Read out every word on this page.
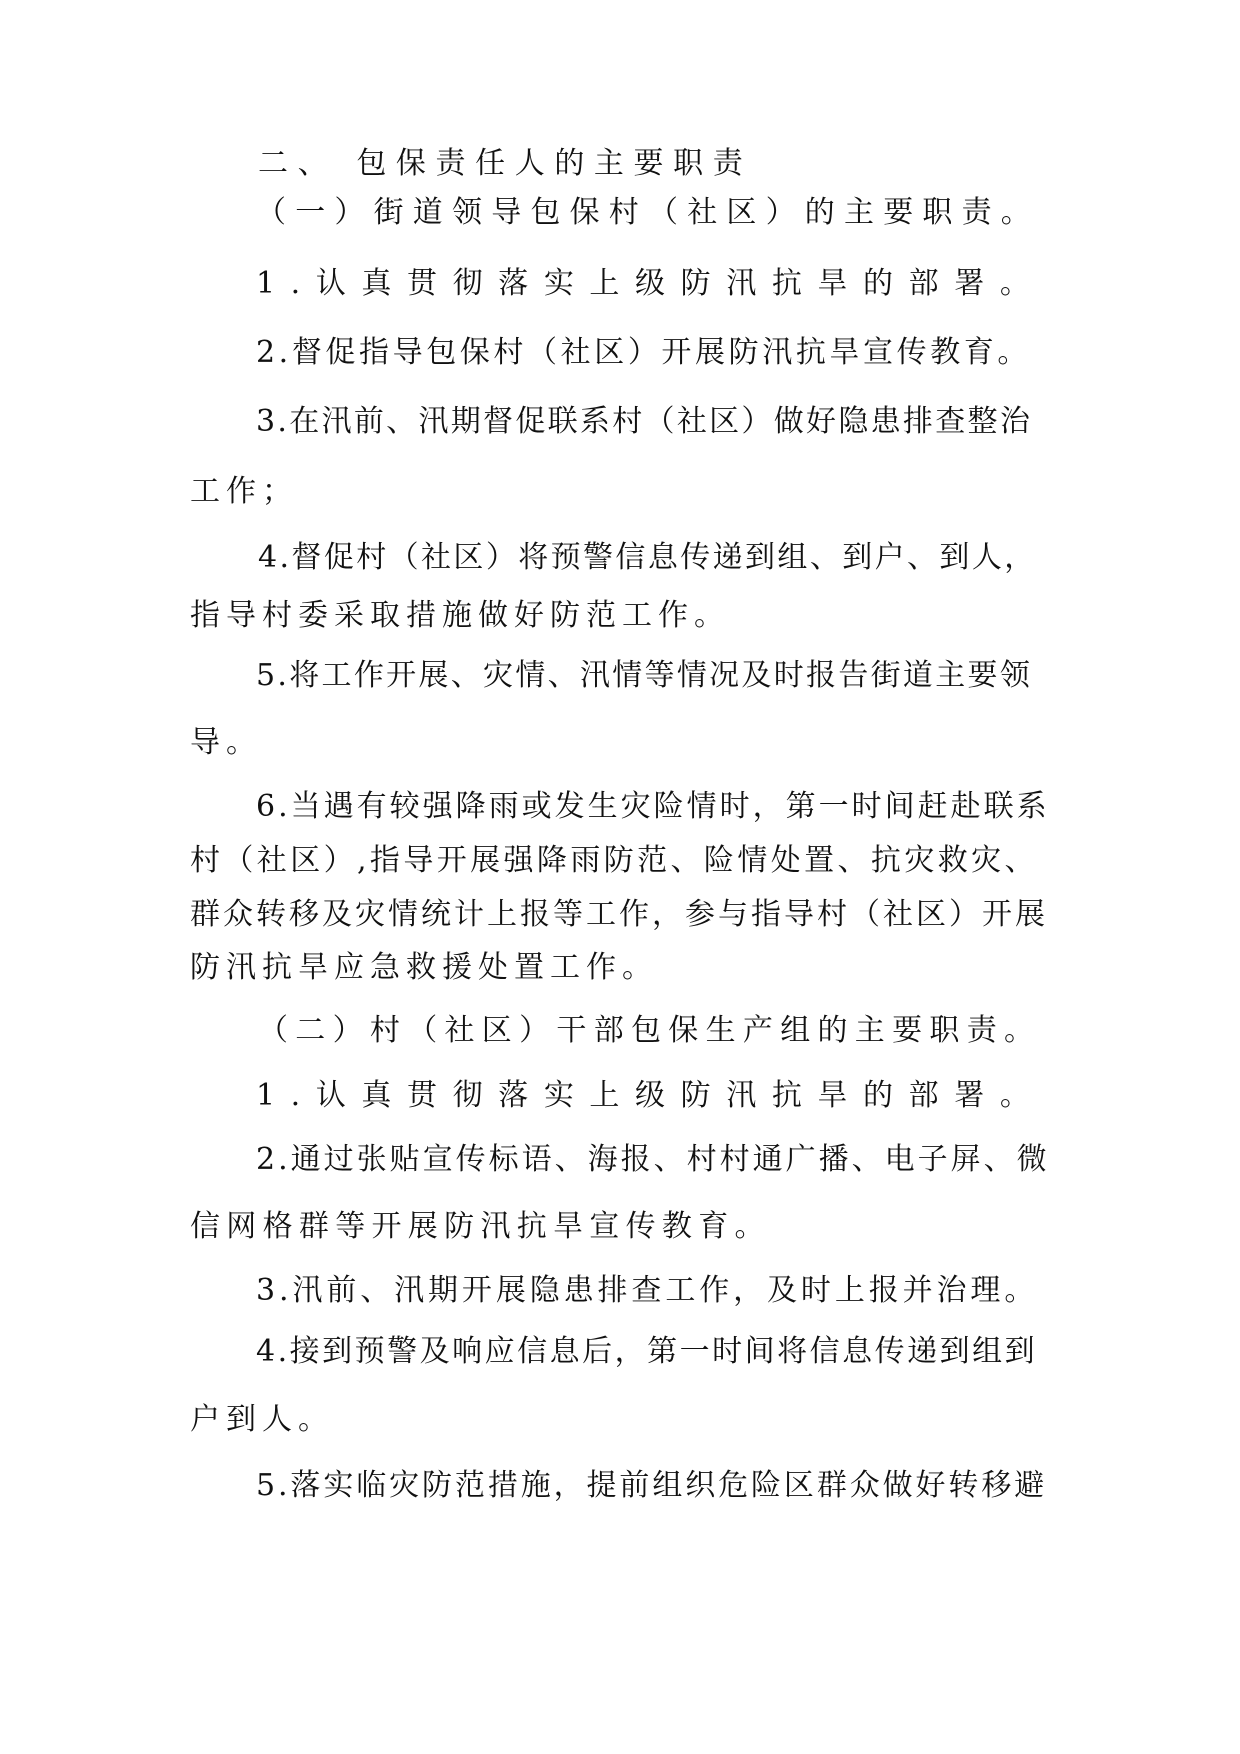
二、 包保责任人的主要职责
（一）街道领导包保村（社区）的主要职责。
1.认真贯彻落实上级防汛抗旱的部署。
2.督促指导包保村（社区）开展防汛抗旱宣传教育。
3.在汛前、汛期督促联系村（社区）做好隐患排查整治
工作；
4.督促村（社区）将预警信息传递到组、到户、到人，
指导村委采取措施做好防范工作。
5.将工作开展、灾情、汛情等情况及时报告街道主要领
导。
6.当遇有较强降雨或发生灾险情时，第一时间赶赴联系
村（社区）,指导开展强降雨防范、险情处置、抗灾救灾、
群众转移及灾情统计上报等工作，参与指导村（社区）开展
防汛抗旱应急救援处置工作。
（二）村（社区）干部包保生产组的主要职责。
1.认真贯彻落实上级防汛抗旱的部署。
2.通过张贴宣传标语、海报、村村通广播、电子屏、微
信网格群等开展防汛抗旱宣传教育。
3.汛前、汛期开展隐患排查工作，及时上报并治理。
4.接到预警及响应信息后，第一时间将信息传递到组到
户到人。
5.落实临灾防范措施，提前组织危险区群众做好转移避
